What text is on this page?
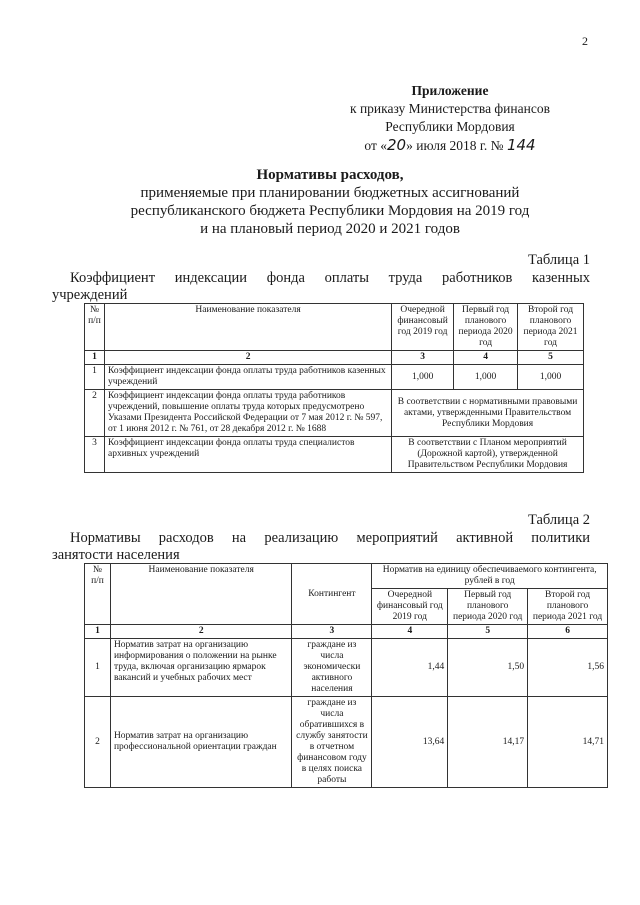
2
Приложение
к приказу Министерства финансов
Республики Мордовия
от «20» июля 2018 г. № 144
Нормативы расходов,
применяемые при планировании бюджетных ассигнований
республиканского бюджета Республики Мордовия на 2019 год
и на плановый период 2020 и 2021 годов
Таблица 1
Коэффициент индексации фонда оплаты труда работников казенных
учреждений
№ п/п	Наименование показателя	Очередной финансовый год 2019 год	Первый год планового периода 2020 год	Второй год планового периода 2021 год
1	2	3	4	5
1	Коэффициент индексации фонда оплаты труда работников казенных учреждений	1,000	1,000	1,000
2	Коэффициент индексации фонда оплаты труда работников учреждений, повышение оплаты труда которых предусмотрено Указами Президента Российской Федерации от 7 мая 2012 г. № 597, от 1 июня 2012 г. № 761, от 28 декабря 2012 г. № 1688	В соответствии с нормативными правовыми актами, утвержденными Правительством Республики Мордовия		
3	Коэффициент индексации фонда оплаты труда специалистов архивных учреждений	В соответствии с Планом мероприятий (Дорожной картой), утвержденной Правительством Республики Мордовия		
Таблица 2
Нормативы расходов на реализацию мероприятий активной политики
занятости населения
№ п/п	Наименование показателя	Контингент	Норматив на единицу обеспечиваемого контингента, рублей в год		
			Очередной финансовый год 2019 год	Первый год планового периода 2020 год	Второй год планового периода 2021 год
1	2	3	4	5	6
1	Норматив затрат на организацию информирования о положении на рынке труда, включая организацию ярмарок вакансий и учебных рабочих мест	граждане из числа экономически активного населения	1,44	1,50	1,56
2	Норматив затрат на организацию профессиональной ориентации граждан	граждане из числа обратившихся в службу занятости в отчетном финансовом году в целях поиска работы	13,64	14,17	14,71
